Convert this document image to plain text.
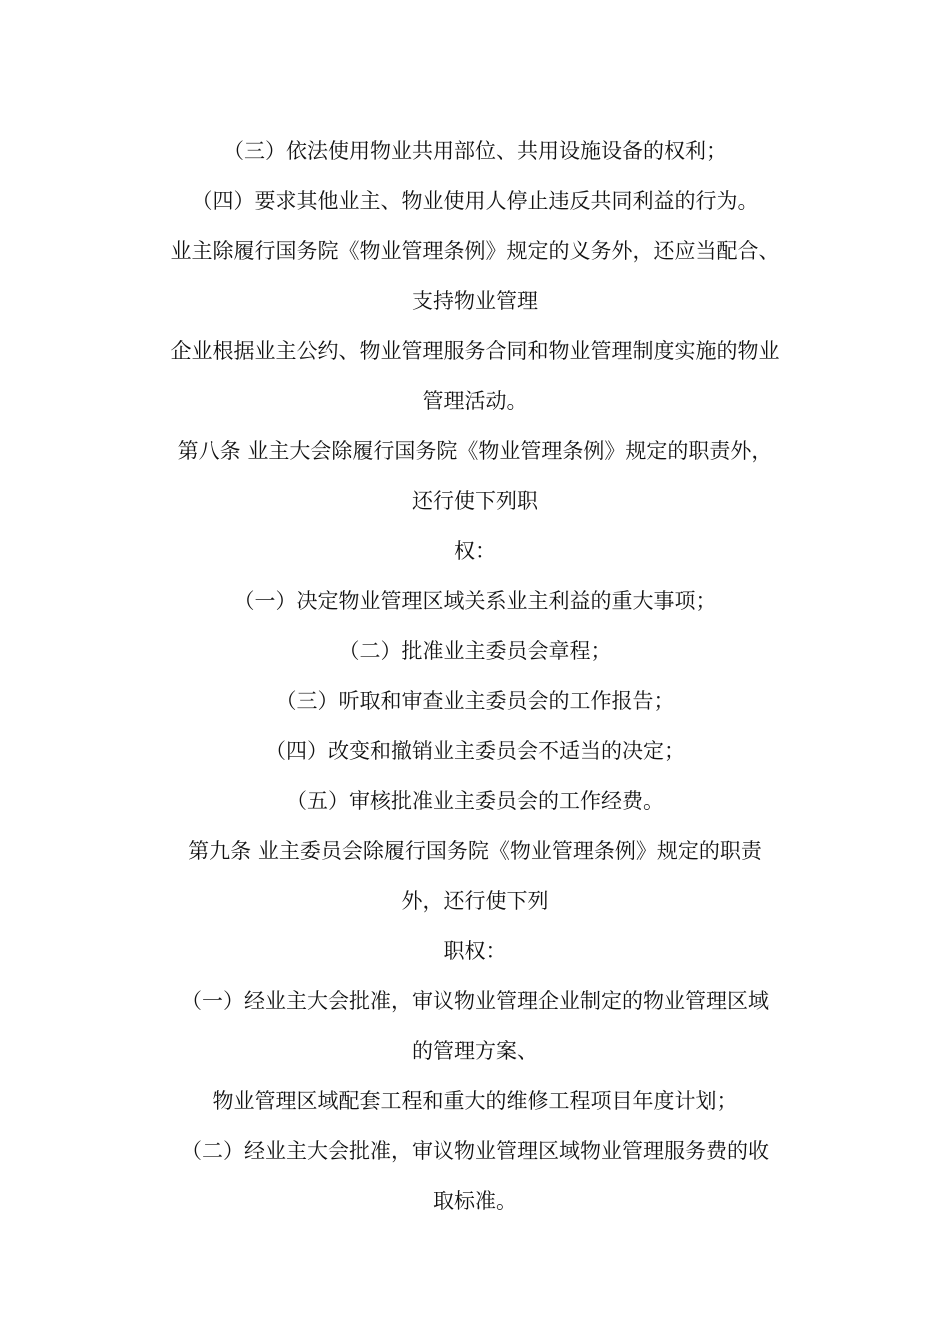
（三）依法使用物业共用部位、共用设施设备的权利；
（四）要求其他业主、物业使用人停止违反共同利益的行为。
业主除履行国务院《物业管理条例》规定的义务外，还应当配合、
支持物业管理
企业根据业主公约、物业管理服务合同和物业管理制度实施的物业
管理活动。
第八条 业主大会除履行国务院《物业管理条例》规定的职责外，
还行使下列职
权：
（一）决定物业管理区域关系业主利益的重大事项；
（二）批准业主委员会章程；
（三）听取和审查业主委员会的工作报告；
（四）改变和撤销业主委员会不适当的决定；
（五）审核批准业主委员会的工作经费。
第九条 业主委员会除履行国务院《物业管理条例》规定的职责
外，还行使下列
职权：
（一）经业主大会批准，审议物业管理企业制定的物业管理区域
的管理方案、
物业管理区域配套工程和重大的维修工程项目年度计划；
（二）经业主大会批准，审议物业管理区域物业管理服务费的收
取标准。
